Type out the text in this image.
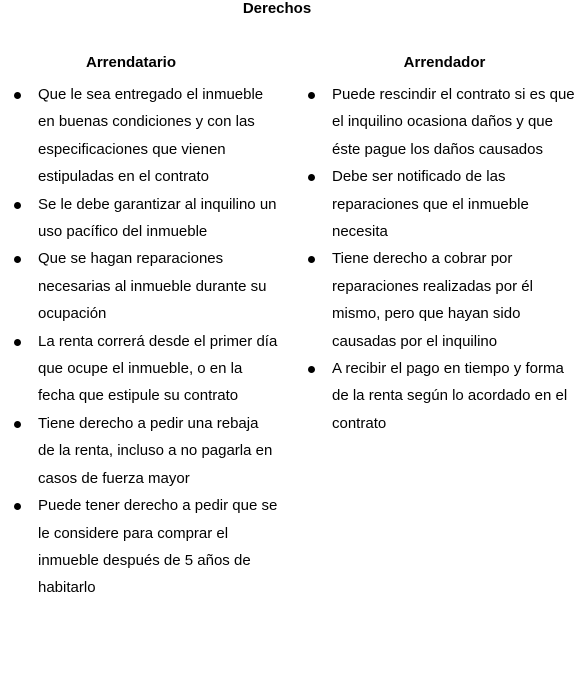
Derechos
Arrendatario
Que le sea entregado el inmueble en buenas condiciones y con las especificaciones que vienen estipuladas en el contrato
Se le debe garantizar al inquilino un uso pacífico del inmueble
Que se hagan reparaciones necesarias al inmueble durante su ocupación
La renta correrá desde el primer día que ocupe el inmueble, o en la fecha que estipule su contrato
Tiene derecho a pedir una rebaja de la renta, incluso a no pagarla en casos de fuerza mayor
Puede tener derecho a pedir que se le considere para comprar el inmueble después de 5 años de habitarlo
Arrendador
Puede rescindir el contrato si es que el inquilino ocasiona daños y que éste pague los daños causados
Debe ser notificado de las reparaciones que el inmueble necesita
Tiene derecho a cobrar por reparaciones realizadas por él mismo, pero que hayan sido causadas por el inquilino
A recibir el pago en tiempo y forma de la renta según lo acordado en el contrato
